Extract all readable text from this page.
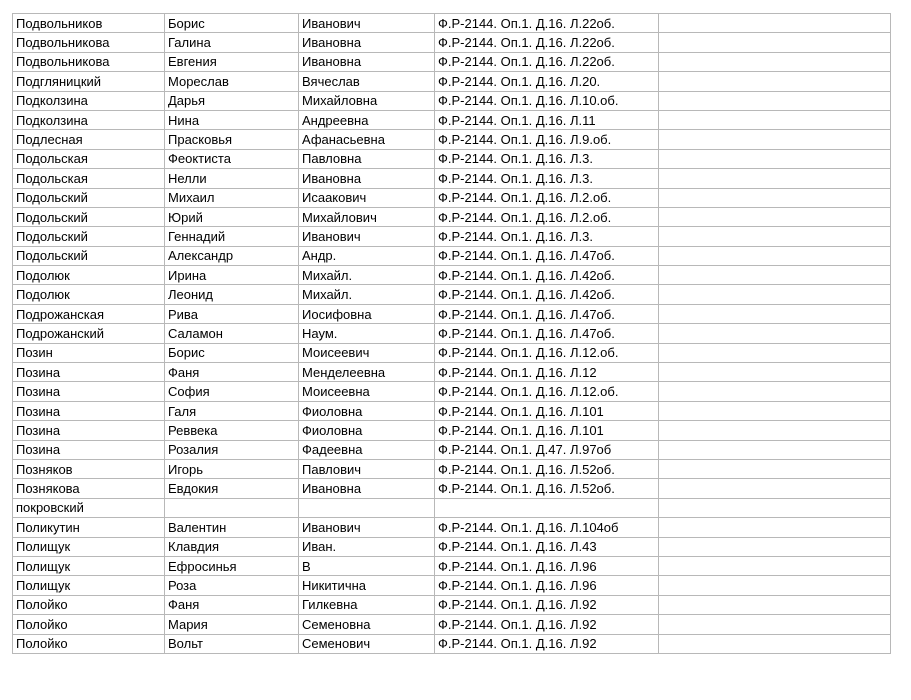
Подвольников	Борис	Иванович	Ф.Р-2144. Оп.1. Д.16. Л.22об.	
Подвольникова	Галина	Ивановна	Ф.Р-2144. Оп.1. Д.16. Л.22об.	
Подвольникова	Евгения	Ивановна	Ф.Р-2144. Оп.1. Д.16. Л.22об.	
Подгляницкий	Морeслав	Вячеслав	Ф.Р-2144. Оп.1. Д.16. Л.20.	
Подколзина	Дарья	Михайловна	Ф.Р-2144. Оп.1. Д.16. Л.10.об.	
Подколзина	Нина	Андреевна	Ф.Р-2144. Оп.1. Д.16. Л.11	
Подлесная	Прасковья	Афанасьевна	Ф.Р-2144. Оп.1. Д.16. Л.9.об.	
Подольская	Феоктиста	Павловна	Ф.Р-2144. Оп.1. Д.16. Л.3.	
Подольская	Нелли	Ивановна	Ф.Р-2144. Оп.1. Д.16. Л.3.	
Подольский	Михаил	Исаакович	Ф.Р-2144. Оп.1. Д.16. Л.2.об.	
Подольский	Юрий	Михайлович	Ф.Р-2144. Оп.1. Д.16. Л.2.об.	
Подольский	Геннадий	Иванович	Ф.Р-2144. Оп.1. Д.16. Л.3.	
Подольский	Александр	Андр.	Ф.Р-2144. Оп.1. Д.16. Л.47об.	
Подолюк	Ирина	Михайл.	Ф.Р-2144. Оп.1. Д.16. Л.42об.	
Подолюк	Леонид	Михайл.	Ф.Р-2144. Оп.1. Д.16. Л.42об.	
Подрожанская	Рива	Иосифовна	Ф.Р-2144. Оп.1. Д.16. Л.47об.	
Подрожанский	Саламон	Наум.	Ф.Р-2144. Оп.1. Д.16. Л.47об.	
Позин	Борис	Моисеевич	Ф.Р-2144. Оп.1. Д.16. Л.12.об.	
Позина	Фаня	Менделеевна	Ф.Р-2144. Оп.1. Д.16. Л.12	
Позина	София	Моисеевна	Ф.Р-2144. Оп.1. Д.16. Л.12.об.	
Позина	Галя	Фиоловна	Ф.Р-2144. Оп.1. Д.16. Л.101	
Позина	Реввека	Фиоловна	Ф.Р-2144. Оп.1. Д.16. Л.101	
Позина	Розалия	Фадеевна	Ф.Р-2144. Оп.1. Д.47. Л.97об	
Позняков	Игорь	Павлович	Ф.Р-2144. Оп.1. Д.16. Л.52об.	
Познякова	Евдокия	Ивановна	Ф.Р-2144. Оп.1. Д.16. Л.52об.	
покровский				
Поликутин	Валентин	Иванович	Ф.Р-2144. Оп.1. Д.16. Л.104об	
Полищук	Клавдия	Иван.	Ф.Р-2144. Оп.1. Д.16. Л.43	
Полищук	Ефросинья	В	Ф.Р-2144. Оп.1. Д.16. Л.96	
Полищук	Роза	Никитична	Ф.Р-2144. Оп.1. Д.16. Л.96	
Полойко	Фаня	Гилкевна	Ф.Р-2144. Оп.1. Д.16. Л.92	
Полойко	Мария	Семеновна	Ф.Р-2144. Оп.1. Д.16. Л.92	
Полойко	Вольт	Семенович	Ф.Р-2144. Оп.1. Д.16. Л.92	
